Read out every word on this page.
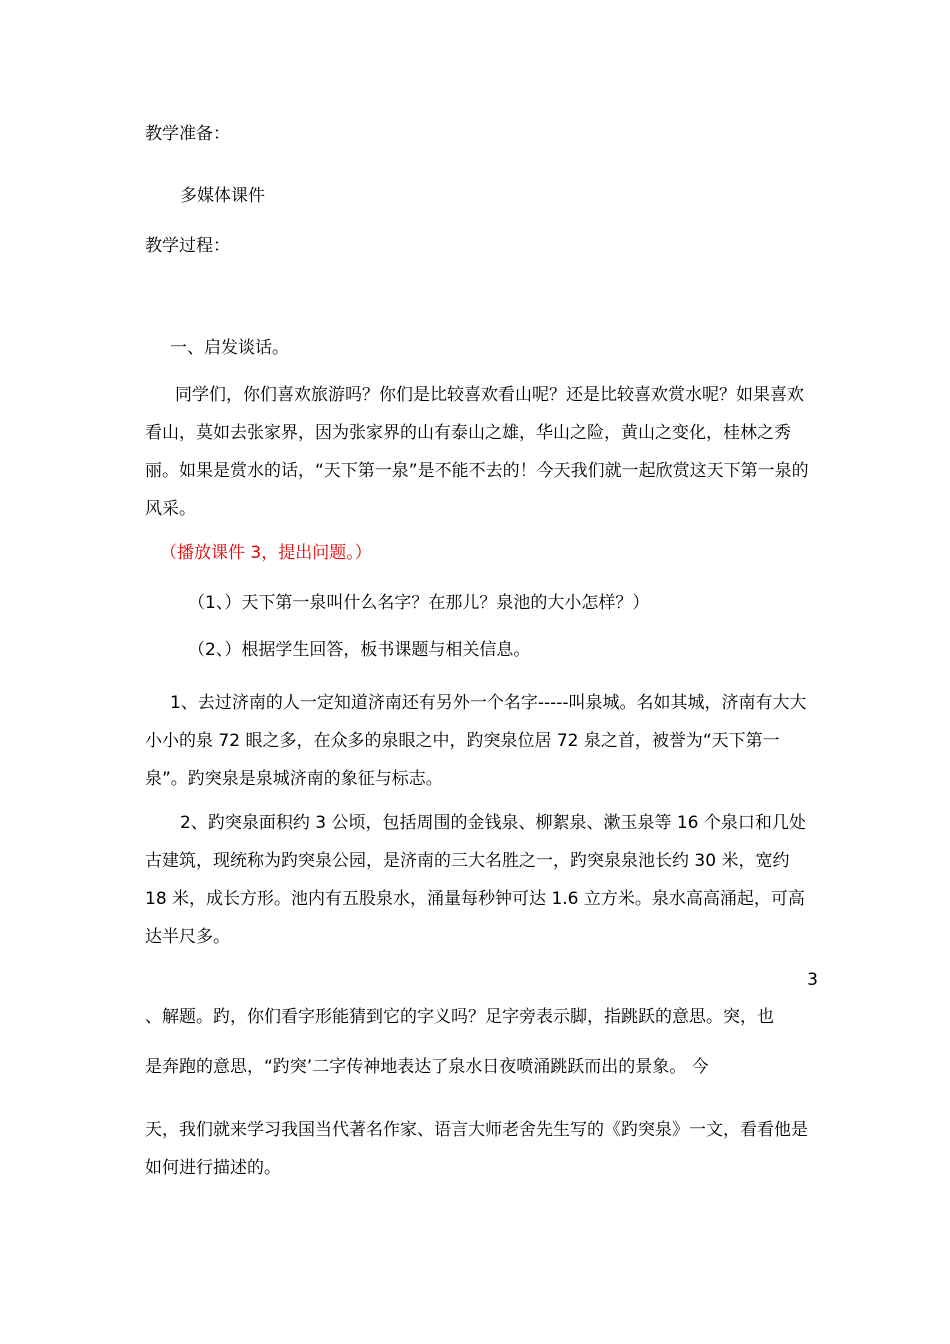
教学准备：
多媒体课件
教学过程：
一、启发谈话。
同学们，你们喜欢旅游吗？你们是比较喜欢看山呢？还是比较喜欢赏水呢？如果喜欢看山，莫如去张家界，因为张家界的山有泰山之雄，华山之险，黄山之变化，桂林之秀丽。如果是赏水的话，“天下第一泉”是不能不去的！今天我们就一起欣赏这天下第一泉的风采。
（播放课件 3，提出问题。）
（1、）天下第一泉叫什么名字？在那儿？泉池的大小怎样？）
（2、）根据学生回答，板书课题与相关信息。
1、去过济南的人一定知道济南还有另外一个名字-----叫泉城。名如其城，济南有大大小小的泉 72 眼之多，在众多的泉眼之中，趵突泉位居 72 泉之首，被誉为“天下第一泉”。趵突泉是泉城济南的象征与标志。
2、趵突泉面积约 3 公顷，包括周围的金钱泉、柳絮泉、漱玉泉等 16 个泉口和几处古建筑，现统称为趵突泉公园，是济南的三大名胜之一，趵突泉泉池长约 30 米，宽约 18 米，成长方形。池内有五股泉水，涌量每秒钟可达 1.6 立方米。泉水高高涌起，可高达半尺多。
3
、解题。趵，你们看字形能猜到它的字义吗？足字旁表示脚，指跳跃的意思。突，也
是奔跑的意思，“趵突’二字传神地表达了泉水日夜喷涌跳跃而出的景象。 今
天，我们就来学习我国当代著名作家、语言大师老舍先生写的《趵突泉》一文，看看他是如何进行描述的。
